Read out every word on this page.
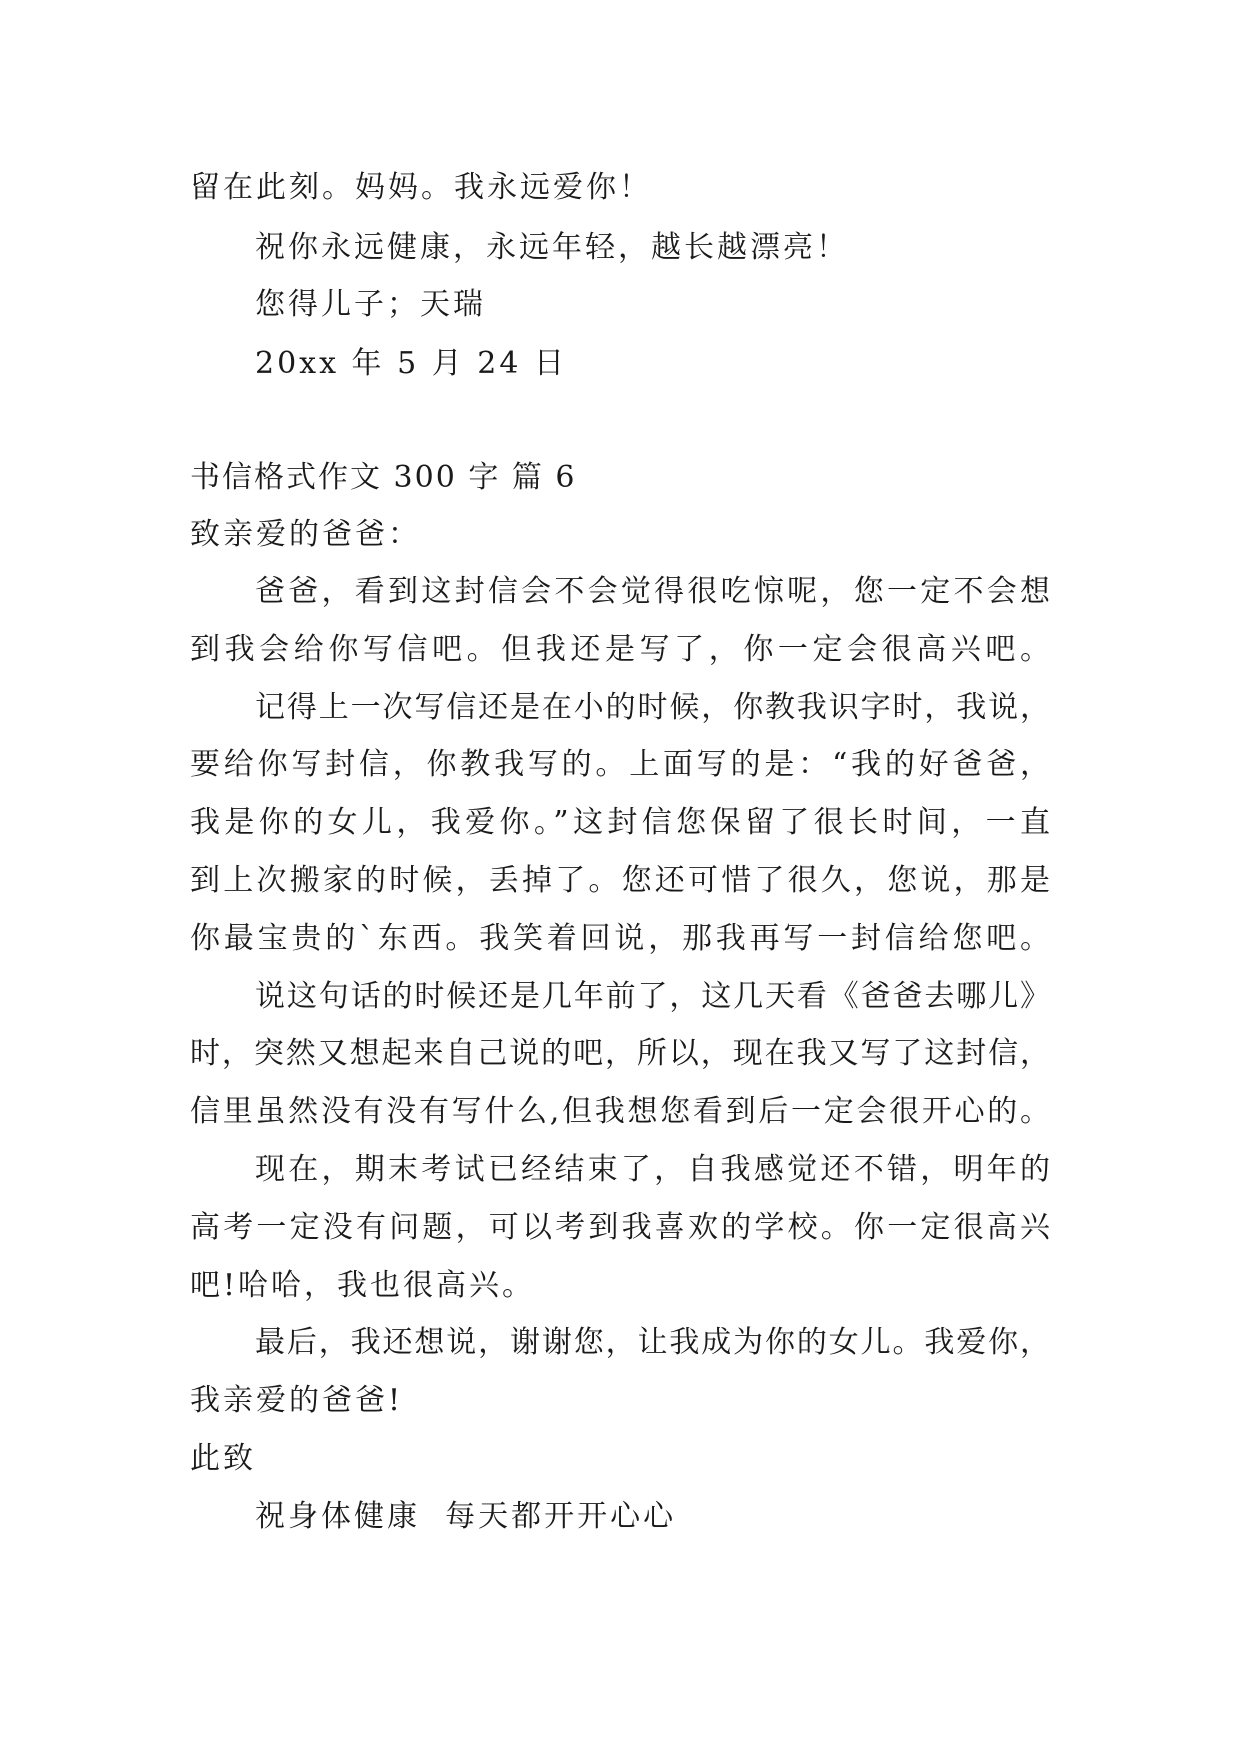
留在此刻。妈妈。我永远爱你！
祝你永远健康，永远年轻，越长越漂亮！
您得儿子；天瑞
20xx 年 5 月 24 日
书信格式作文 300 字 篇 6
致亲爱的爸爸：
爸爸，看到这封信会不会觉得很吃惊呢，您一定不会想
到我会给你写信吧。但我还是写了，你一定会很高兴吧。
记得上一次写信还是在小的时候，你教我识字时，我说，
要给你写封信，你教我写的。上面写的是：“我的好爸爸，
我是你的女儿，我爱你。”这封信您保留了很长时间，一直
到上次搬家的时候，丢掉了。您还可惜了很久，您说，那是
你最宝贵的`东西。我笑着回说，那我再写一封信给您吧。
说这句话的时候还是几年前了，这几天看《爸爸去哪儿》
时，突然又想起来自己说的吧，所以，现在我又写了这封信，
信里虽然没有没有写什么,但我想您看到后一定会很开心的。
现在，期末考试已经结束了，自我感觉还不错，明年的
高考一定没有问题，可以考到我喜欢的学校。你一定很高兴
吧!哈哈，我也很高兴。
最后，我还想说，谢谢您，让我成为你的女儿。我爱你，
我亲爱的爸爸!
此致
祝身体健康  每天都开开心心
